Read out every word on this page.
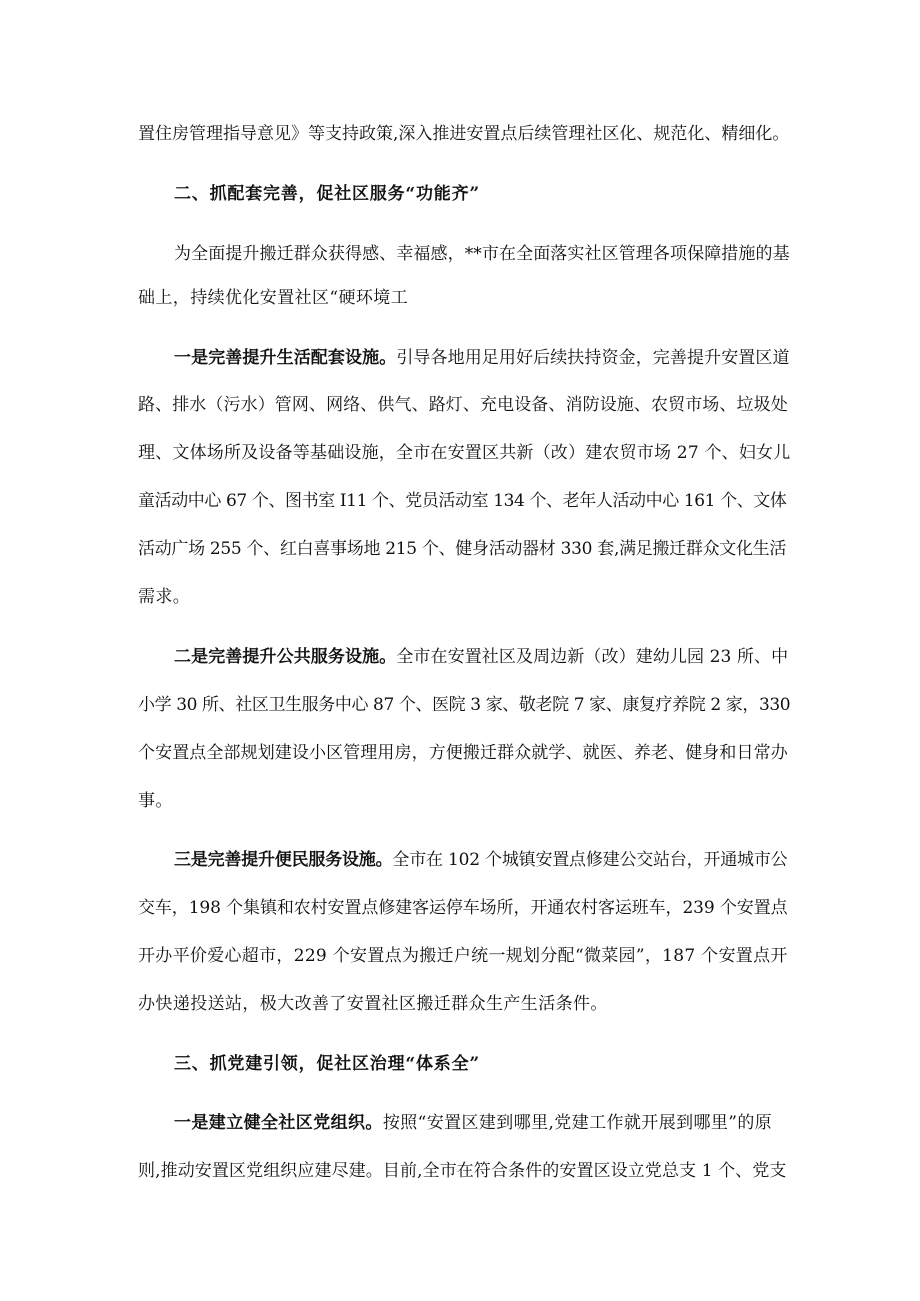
置住房管理指导意见》等支持政策,深入推进安置点后续管理社区化、规范化、精细化。
二、抓配套完善，促社区服务“功能齐”
为全面提升搬迁群众获得感、幸福感，**市在全面落实社区管理各项保障措施的基
础上，持续优化安置社区“硬环境工
一是完善提升生活配套设施。引导各地用足用好后续扶持资金，完善提升安置区道
路、排水（污水）管网、网络、供气、路灯、充电设备、消防设施、农贸市场、垃圾处
理、文体场所及设备等基础设施，全市在安置区共新（改）建农贸市场 27 个、妇女儿
童活动中心 67 个、图书室 I11 个、党员活动室 134 个、老年人活动中心 161 个、文体
活动广场 255 个、红白喜事场地 215 个、健身活动器材 330 套,满足搬迁群众文化生活
需求。
二是完善提升公共服务设施。全市在安置社区及周边新（改）建幼儿园 23 所、中
小学 30 所、社区卫生服务中心 87 个、医院 3 家、敬老院 7 家、康复疗养院 2 家，330
个安置点全部规划建设小区管理用房，方便搬迁群众就学、就医、养老、健身和日常办
事。
三是完善提升便民服务设施。全市在 102 个城镇安置点修建公交站台，开通城市公
交车，198 个集镇和农村安置点修建客运停车场所，开通农村客运班车，239 个安置点
开办平价爱心超市，229 个安置点为搬迁户统一规划分配“微菜园”，187 个安置点开
办快递投送站，极大改善了安置社区搬迁群众生产生活条件。
三、抓党建引领，促社区治理“体系全”
一是建立健全社区党组织。按照“安置区建到哪里,党建工作就开展到哪里”的原
则,推动安置区党组织应建尽建。目前,全市在符合条件的安置区设立党总支 1 个、党支
